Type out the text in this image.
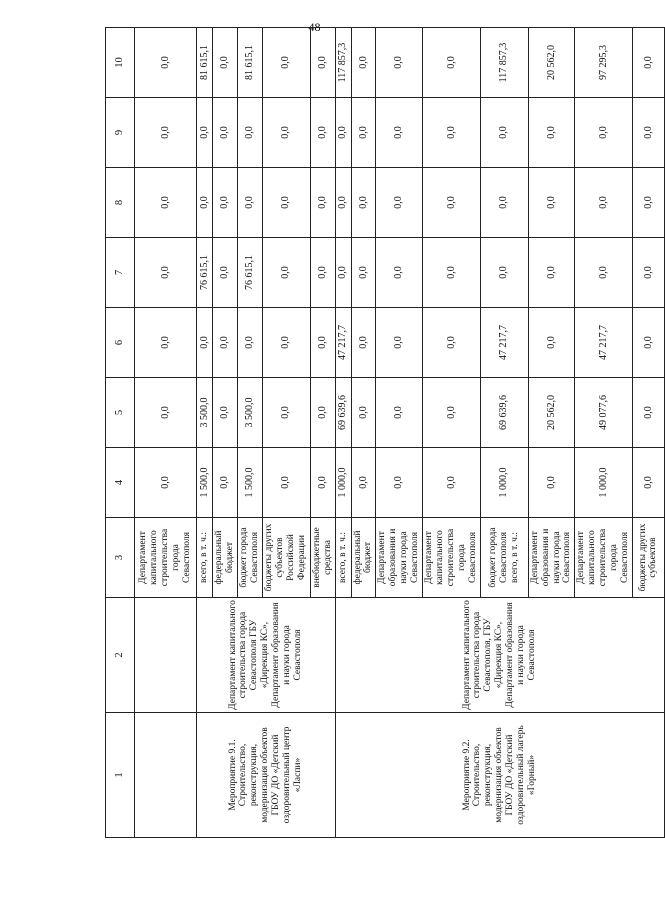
48
1	2	3	4	5	6	7	8	9	10
		Департамент капитального строительства города Севастополя	0,0	0,0	0,0	0,0	0,0	0,0	0,0
Мероприятие 9.1. Строительство, реконструкция, модернизация объектов ГБОУ ДО «Детский оздоровительный центр «Ласпи»	Департамент капитального строительства города Севастополя ГБУ «Дирекция КС», Департамент образования и науки города Севастополя	всего, в т. ч.:	1 500,0	3 500,0	0,0	76 615,1	0,0	0,0	81 615,1
		федеральный бюджет	0,0	0,0	0,0	0,0	0,0	0,0	0,0
		бюджет города Севастополя	1 500,0	3 500,0	0,0	76 615,1	0,0	0,0	81 615,1
		бюджеты других субъектов Российской Федерации	0,0	0,0	0,0	0,0	0,0	0,0	0,0
		внебюджетные средства	0,0	0,0	0,0	0,0	0,0	0,0	0,0
Мероприятие 9.2. Строительство, реконструкция, модернизация объектов ГБОУ ДО «Детский оздоровительный лагерь «Горный»	Департамент капитального строительства города Севастополя, ГБУ «Дирекция КС», Департамент образования и науки города Севастополя	всего, в т. ч.:	1 000,0	69 639,6	47 217,7	0,0	0,0	0,0	117 857,3
		федеральный бюджет	0,0	0,0	0,0	0,0	0,0	0,0	0,0
		Департамент образования и науки города Севастополя	0,0	0,0	0,0	0,0	0,0	0,0	0,0
		Департамент капитального строительства города Севастополя	0,0	0,0	0,0	0,0	0,0	0,0	0,0
		бюджет города Севастополя всего, в т. ч.:	1 000,0	69 639,6	47 217,7	0,0	0,0	0,0	117 857,3
		Департамент образования и науки города Севастополя	0,0	20 562,0	0,0	0,0	0,0	0,0	20 562,0
		Департамент капитального строительства города Севастополя	1 000,0	49 077,6	47 217,7	0,0	0,0	0,0	97 295,3
		бюджеты других субъектов	0,0	0,0	0,0	0,0	0,0	0,0	0,0
